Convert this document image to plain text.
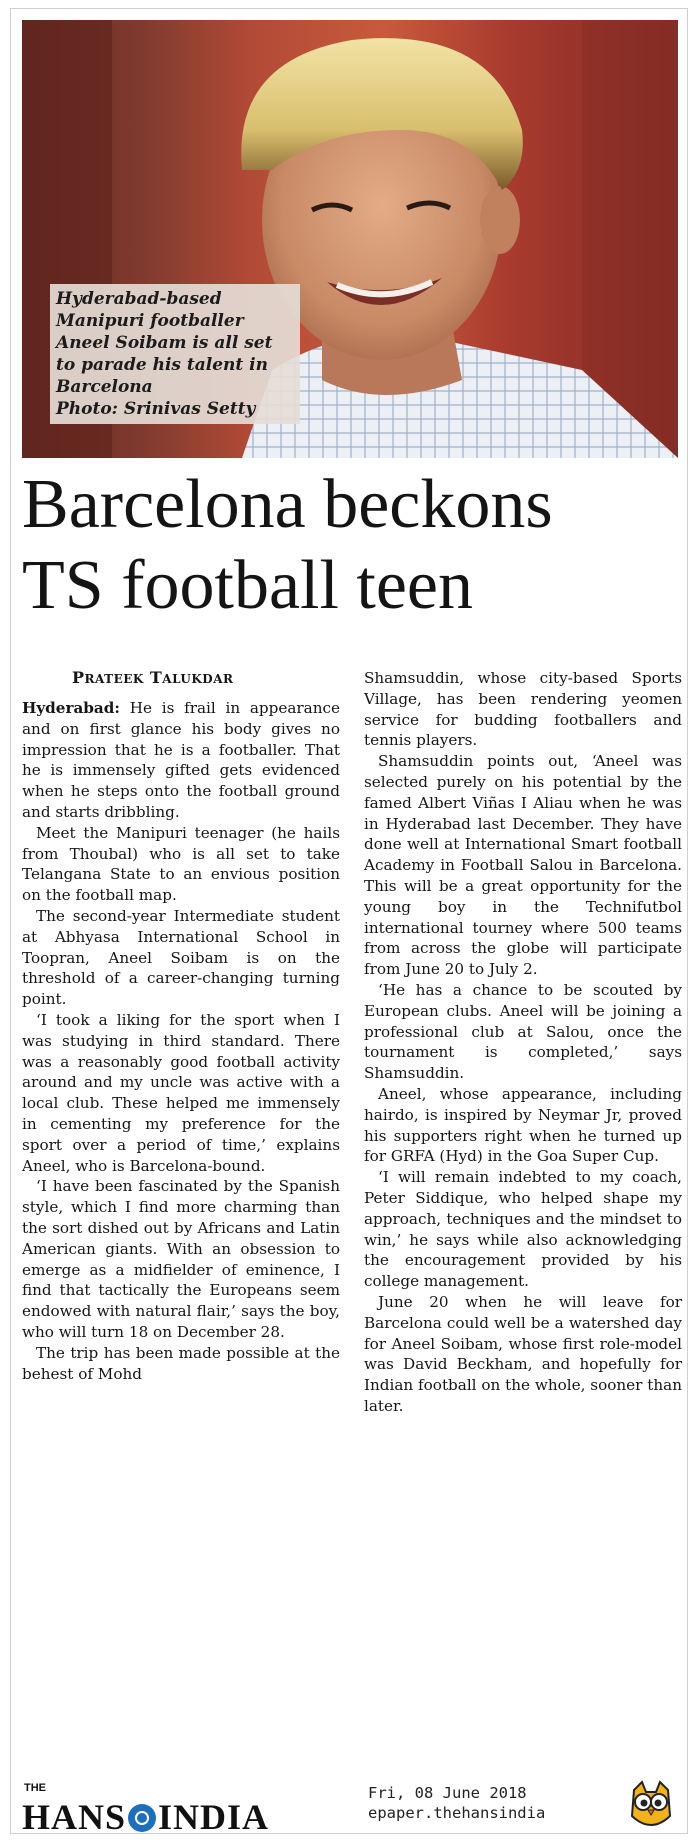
Hyderabad-based
Manipuri footballer
Aneel Soibam is all set
to parade his talent in
Barcelona
Photo: Srinivas Setty
Barcelona beckons
TS football teen
PRATEEK TALUKDAR

Hyderabad: He is frail in appearance and on first glance his body gives no impression that he is a footballer. That he is immensely gifted gets evidenced when he steps onto the football ground and starts dribbling.

Meet the Manipuri teenager (he hails from Thoubal) who is all set to take Telangana State to an envious position on the football map.

The second-year Intermediate student at Abhyasa International School in Toopran, Aneel Soibam is on the threshold of a career-changing turning point.

‘I took a liking for the sport when I was studying in third standard. There was a reasonably good football activity around and my uncle was active with a local club. These helped me immensely in cementing my preference for the sport over a period of time,’ explains Aneel, who is Barcelona-bound.

‘I have been fascinated by the Spanish style, which I find more charming than the sort dished out by Africans and Latin American giants. With an obsession to emerge as a midfielder of eminence, I find that tactically the Europeans seem endowed with natural flair,’ says the boy, who will turn 18 on December 28.

The trip has been made possible at the behest of Mohd

Shamsuddin, whose city-based Sports Village, has been rendering yeomen service for budding footballers and tennis players.

Shamsuddin points out, ‘Aneel was selected purely on his potential by the famed Albert Viñas I Aliau when he was in Hyderabad last December. They have done well at International Smart football Academy in Football Salou in Barcelona. This will be a great opportunity for the young boy in the Technifutbol international tourney where 500 teams from across the globe will participate from June 20 to July 2.

‘He has a chance to be scouted by European clubs. Aneel will be joining a professional club at Salou, once the tournament is completed,’ says Shamsuddin.

Aneel, whose appearance, including hairdo, is inspired by Neymar Jr, proved his supporters right when he turned up for GRFA (Hyd) in the Goa Super Cup.

‘I will remain indebted to my coach, Peter Siddique, who helped shape my approach, techniques and the mindset to win,’ he says while also acknowledging the encouragement provided by his college management.

June 20 when he will leave for Barcelona could well be a watershed day for Aneel Soibam, whose first role-model was David Beckham, and hopefully for Indian football on the whole, sooner than later.

THE
HANS INDIA
Fri, 08 June 2018
epaper.thehansindia
